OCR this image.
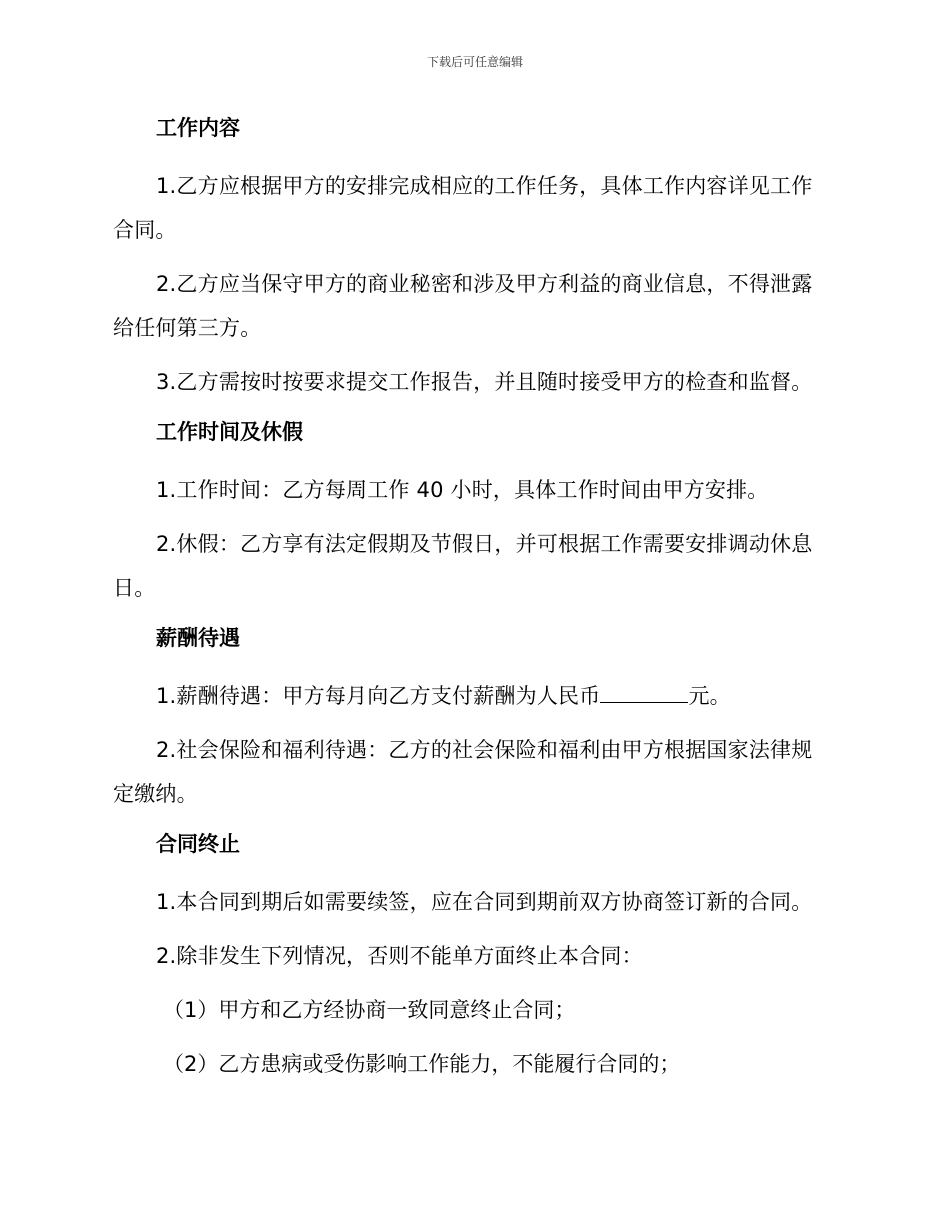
下载后可任意编辑
工作内容

1.乙方应根据甲方的安排完成相应的工作任务，具体工作内容详见工作合同。

2.乙方应当保守甲方的商业秘密和涉及甲方利益的商业信息，不得泄露给任何第三方。

3.乙方需按时按要求提交工作报告，并且随时接受甲方的检查和监督。

工作时间及休假

1.工作时间：乙方每周工作 40 小时，具体工作时间由甲方安排。

2.休假：乙方享有法定假期及节假日，并可根据工作需要安排调动休息日。

薪酬待遇

1.薪酬待遇：甲方每月向乙方支付薪酬为人民币	元。

2.社会保险和福利待遇：乙方的社会保险和福利由甲方根据国家法律规定缴纳。

合同终止

1.本合同到期后如需要续签，应在合同到期前双方协商签订新的合同。

2.除非发生下列情况，否则不能单方面终止本合同：

（1）甲方和乙方经协商一致同意终止合同；

（2）乙方患病或受伤影响工作能力，不能履行合同的；
